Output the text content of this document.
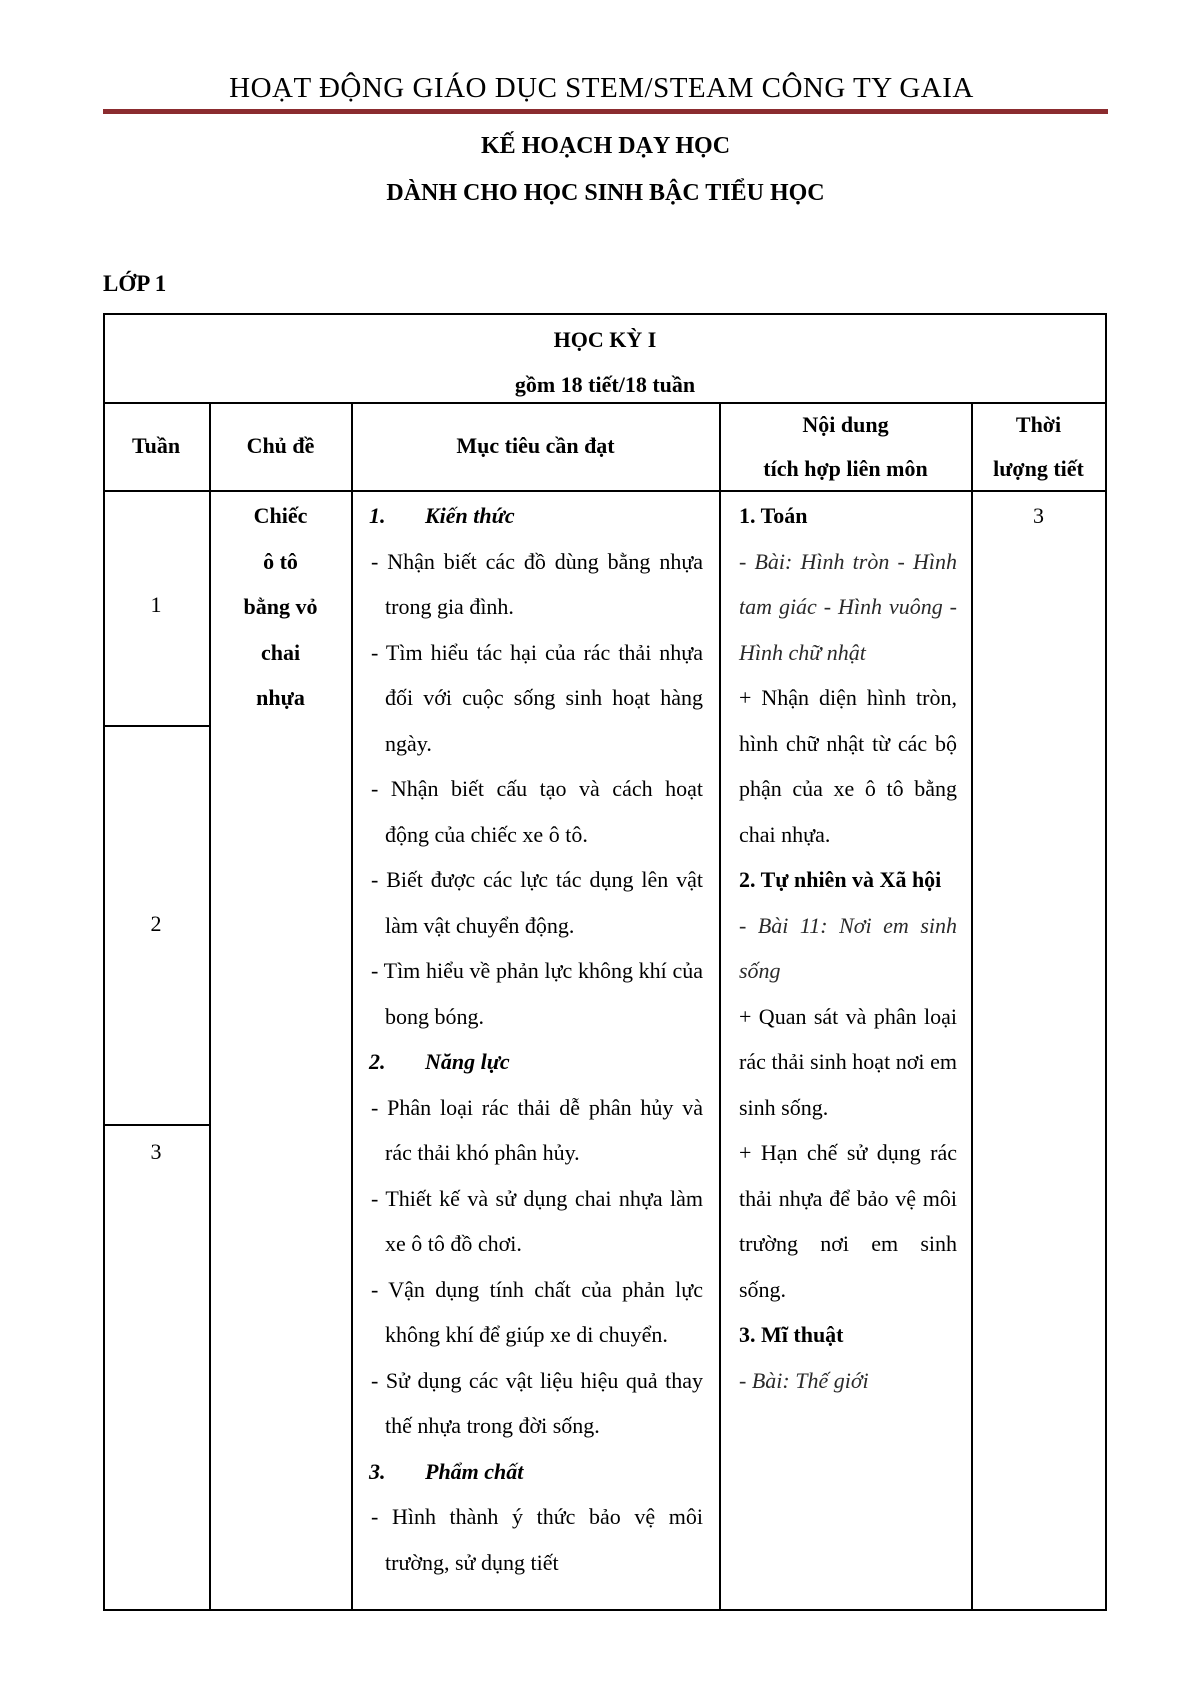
HOẠT ĐỘNG GIÁO DỤC STEM/STEAM CÔNG TY GAIA
KẾ HOẠCH DẠY HỌC
DÀNH CHO HỌC SINH BẬC TIỂU HỌC
LỚP 1
HỌC KỲ I
gồm 18 tiết/18 tuần
Tuần	Chủ đề	Mục tiêu cần đạt
Nội dung
tích hợp liên môn
Thời
lượng tiết
1
2
3
Chiếc
ô tô
bằng vỏ
chai
nhựa
1. Kiến thức
- Nhận biết các đồ dùng bằng nhựa trong gia đình.
- Tìm hiểu tác hại của rác thải nhựa đối với cuộc sống sinh hoạt hàng ngày.
- Nhận biết cấu tạo và cách hoạt động của chiếc xe ô tô.
- Biết được các lực tác dụng lên vật làm vật chuyển động.
- Tìm hiểu về phản lực không khí của bong bóng.
2. Năng lực
- Phân loại rác thải dễ phân hủy và rác thải khó phân hủy.
- Thiết kế và sử dụng chai nhựa làm xe ô tô đồ chơi.
- Vận dụng tính chất của phản lực không khí để giúp xe di chuyển.
- Sử dụng các vật liệu hiệu quả thay thế nhựa trong đời sống.
3. Phẩm chất
- Hình thành ý thức bảo vệ môi trường, sử dụng tiết
1. Toán
- Bài: Hình tròn - Hình tam giác - Hình vuông - Hình chữ nhật
+ Nhận diện hình tròn, hình chữ nhật từ các bộ phận của xe ô tô bằng chai nhựa.
2. Tự nhiên và Xã hội
- Bài 11: Nơi em sinh sống
+ Quan sát và phân loại rác thải sinh hoạt nơi em sinh sống.
+ Hạn chế sử dụng rác thải nhựa để bảo vệ môi trường nơi em sinh sống.
3. Mĩ thuật
- Bài: Thế giới
3
